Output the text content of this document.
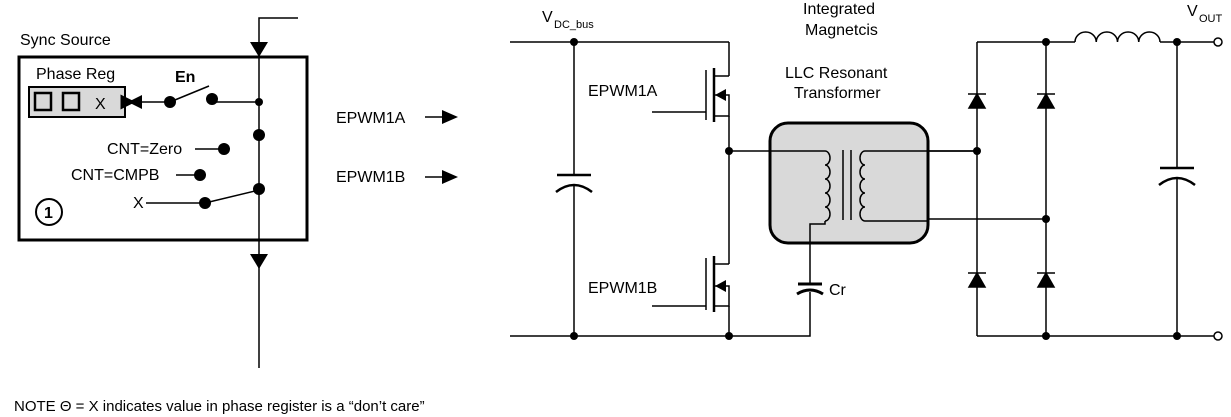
Sync Source
Phase Reg
X
En
CNT=Zero
CNT=CMPB
X
1
EPWM1A
EPWM1B
V DC_bus
EPWM1A
EPWM1B
Integrated
Magnetcis
LLC Resonant
Transformer
Cr
V OUT
NOTE Θ = X indicates value in phase register is a “don’t care”
